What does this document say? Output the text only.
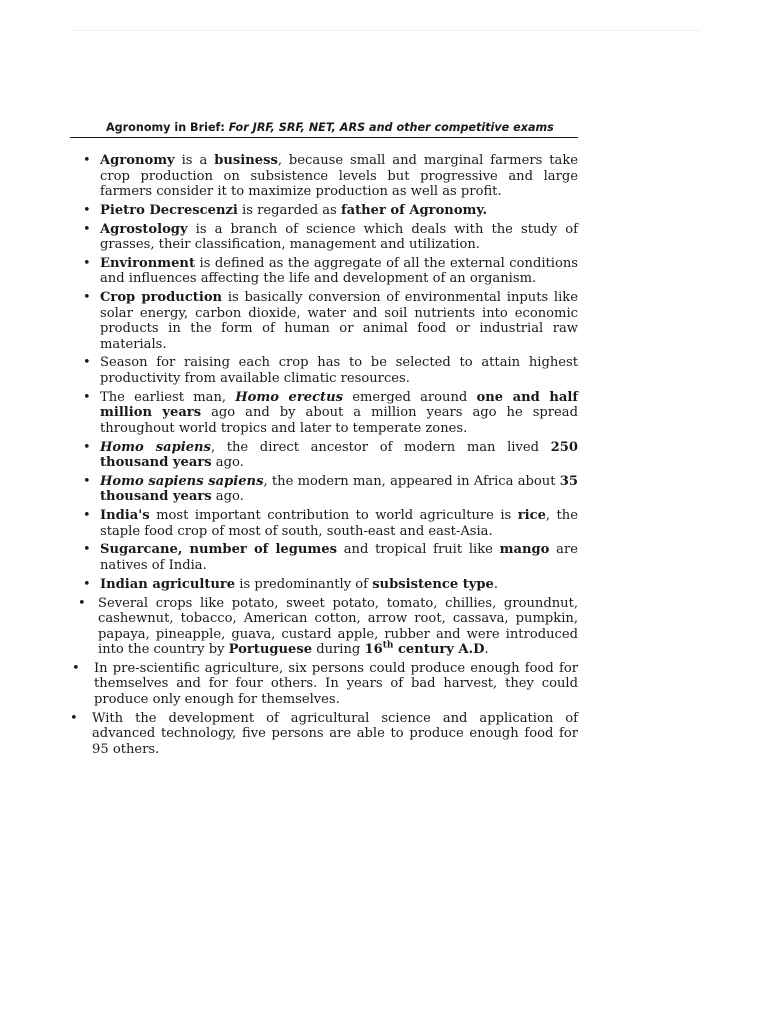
Agronomy in Brief: For JRF, SRF, NET, ARS and other competitive exams
• Agronomy is a business, because small and marginal farmers take crop production on subsistence levels but progressive and large farmers consider it to maximize production as well as profit.
• Pietro Decrescenzi is regarded as father of Agronomy.
• Agrostology is a branch of science which deals with the study of grasses, their classification, management and utilization.
• Environment is defined as the aggregate of all the external conditions and influences affecting the life and development of an organism.
• Crop production is basically conversion of environmental inputs like solar energy, carbon dioxide, water and soil nutrients into economic products in the form of human or animal food or industrial raw materials.
• Season for raising each crop has to be selected to attain highest productivity from available climatic resources.
• The earliest man, Homo erectus emerged around one and half million years ago and by about a million years ago he spread throughout world tropics and later to temperate zones.
• Homo sapiens, the direct ancestor of modern man lived 250 thousand years ago.
• Homo sapiens sapiens, the modern man, appeared in Africa about 35 thousand years ago.
• India's most important contribution to world agriculture is rice, the staple food crop of most of south, south-east and east-Asia.
• Sugarcane, number of legumes and tropical fruit like mango are natives of India.
• Indian agriculture is predominantly of subsistence type.
• Several crops like potato, sweet potato, tomato, chillies, groundnut, cashewnut, tobacco, American cotton, arrow root, cassava, pumpkin, papaya, pineapple, guava, custard apple, rubber and were introduced into the country by Portuguese during 16th century A.D.
• In pre-scientific agriculture, six persons could produce enough food for themselves and for four others. In years of bad harvest, they could produce only enough for themselves.
• With the development of agricultural science and application of advanced technology, five persons are able to produce enough food for 95 others.
